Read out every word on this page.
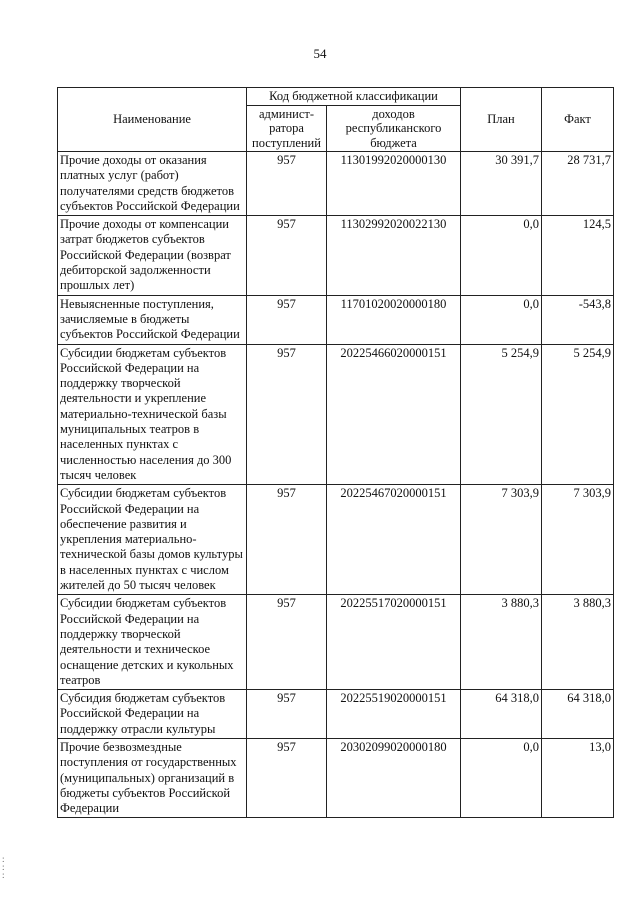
54
Наименование	Код бюджетной классификации		План	Факт
	админист-ратора поступлений	доходов республиканского бюджета		
Прочие доходы от оказания платных услуг (работ) получателями средств бюджетов субъектов Российской Федерации	957	11301992020000130	30 391,7	28 731,7
Прочие доходы от компенсации затрат бюджетов субъектов Российской Федерации (возврат дебиторской задолженности прошлых лет)	957	11302992020022130	0,0	124,5
Невыясненные поступления, зачисляемые в бюджеты субъектов Российской Федерации	957	11701020020000180	0,0	-543,8
Субсидии бюджетам субъектов Российской Федерации на поддержку творческой деятельности и укрепление материально-технической базы муниципальных театров в населенных пунктах с численностью населения до 300 тысяч человек	957	20225466020000151	5 254,9	5 254,9
Субсидии бюджетам субъектов Российской Федерации на обеспечение развития и укрепления материально-технической базы домов культуры в населенных пунктах с числом жителей до 50 тысяч человек	957	20225467020000151	7 303,9	7 303,9
Субсидии бюджетам субъектов Российской Федерации на поддержку творческой деятельности и техническое оснащение детских и кукольных театров	957	20225517020000151	3 880,3	3 880,3
Субсидия бюджетам субъектов Российской Федерации на поддержку отрасли культуры	957	20225519020000151	64 318,0	64 318,0
Прочие безвозмездные поступления от государственных (муниципальных) организаций в бюджеты субъектов Российской Федерации	957	20302099020000180	0,0	13,0
:
:
:
